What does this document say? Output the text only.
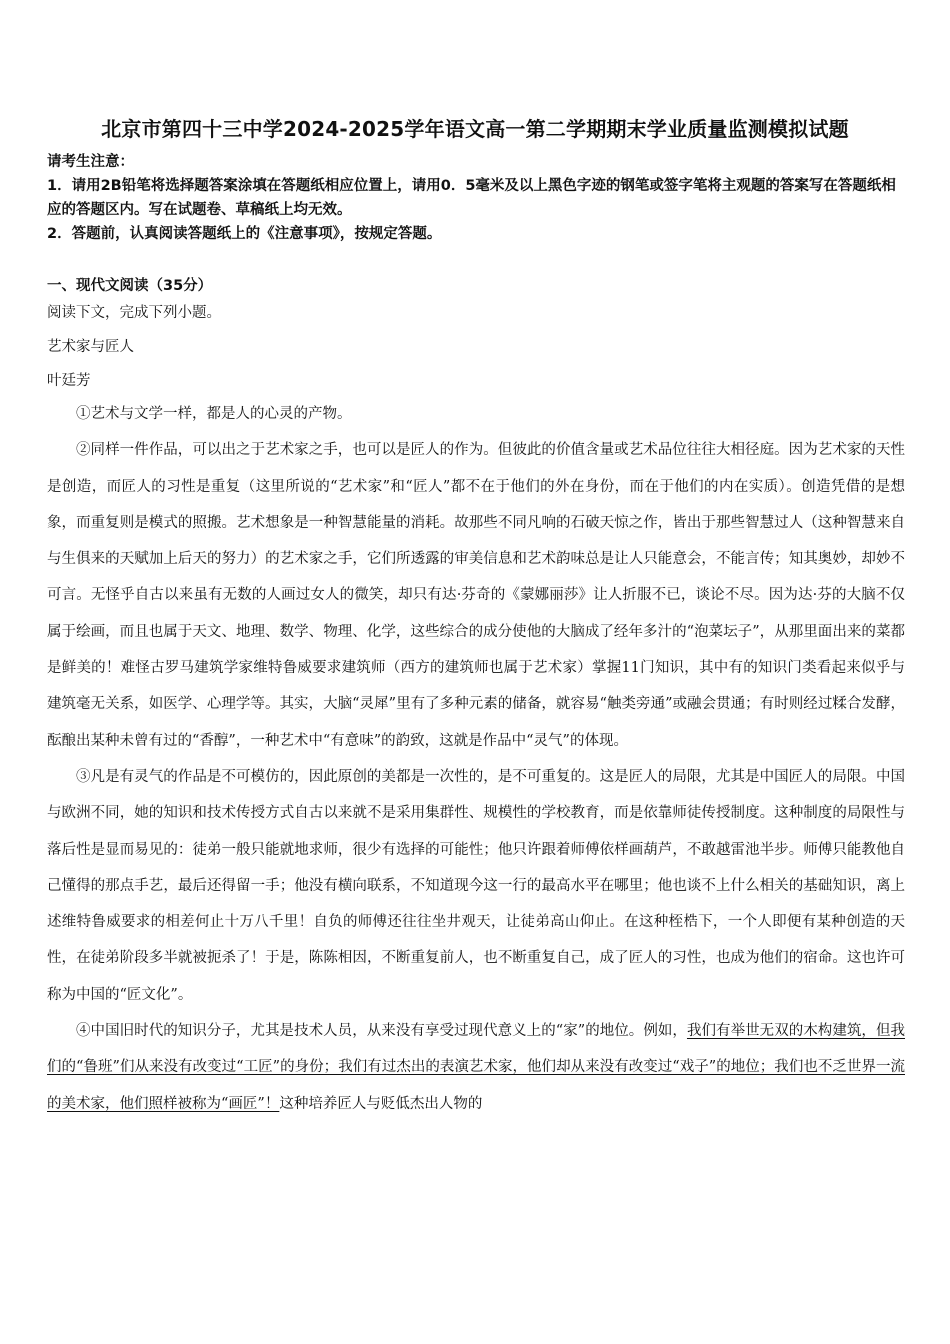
北京市第四十三中学2024-2025学年语文高一第二学期期末学业质量监测模拟试题
请考生注意：
1．请用2B铅笔将选择题答案涂填在答题纸相应位置上，请用0．5毫米及以上黑色字迹的钢笔或签字笔将主观题的答案写在答题纸相应的答题区内。写在试题卷、草稿纸上均无效。
2．答题前，认真阅读答题纸上的《注意事项》，按规定答题。
一、现代文阅读（35分）
阅读下文，完成下列小题。
艺术家与匠人
叶廷芳

①艺术与文学一样，都是人的心灵的产物。

②同样一件作品，可以出之于艺术家之手，也可以是匠人的作为。但彼此的价值含量或艺术品位往往大相径庭。因为艺术家的天性是创造，而匠人的习性是重复（这里所说的“艺术家”和“匠人”都不在于他们的外在身份，而在于他们的内在实质）。创造凭借的是想象，而重复则是模式的照搬。艺术想象是一种智慧能量的消耗。故那些不同凡响的石破天惊之作，皆出于那些智慧过人（这种智慧来自与生俱来的天赋加上后天的努力）的艺术家之手，它们所透露的审美信息和艺术韵味总是让人只能意会，不能言传；知其奥妙，却妙不可言。无怪乎自古以来虽有无数的人画过女人的微笑，却只有达·芬奇的《蒙娜丽莎》让人折服不已，谈论不尽。因为达·芬的大脑不仅属于绘画，而且也属于天文、地理、数学、物理、化学，这些综合的成分使他的大脑成了经年多汁的“泡菜坛子”，从那里面出来的菜都是鲜美的！难怪古罗马建筑学家维特鲁威要求建筑师（西方的建筑师也属于艺术家）掌握11门知识，其中有的知识门类看起来似乎与建筑毫无关系，如医学、心理学等。其实，大脑“灵犀”里有了多种元素的储备，就容易“触类旁通”或融会贯通；有时则经过糅合发酵，酝酿出某种未曾有过的“香醇”，一种艺术中“有意味”的韵致，这就是作品中“灵气”的体现。

③凡是有灵气的作品是不可模仿的，因此原创的美都是一次性的，是不可重复的。这是匠人的局限，尤其是中国匠人的局限。中国与欧洲不同，她的知识和技术传授方式自古以来就不是采用集群性、规模性的学校教育，而是依靠师徒传授制度。这种制度的局限性与落后性是显而易见的：徒弟一般只能就地求师，很少有选择的可能性；他只许跟着师傅依样画葫芦，不敢越雷池半步。师傅只能教他自己懂得的那点手艺，最后还得留一手；他没有横向联系，不知道现今这一行的最高水平在哪里；他也谈不上什么相关的基础知识，离上述维特鲁威要求的相差何止十万八千里！自负的师傅还往往坐井观天，让徒弟高山仰止。在这种桎梏下，一个人即便有某种创造的天性，在徒弟阶段多半就被扼杀了！于是，陈陈相因，不断重复前人，也不断重复自己，成了匠人的习性，也成为他们的宿命。这也许可称为中国的“匠文化”。

④中国旧时代的知识分子，尤其是技术人员，从来没有享受过现代意义上的“家”的地位。例如，我们有举世无双的木构建筑，但我们的“鲁班”们从来没有改变过“工匠”的身份；我们有过杰出的表演艺术家，他们却从来没有改变过“戏子”的地位；我们也不乏世界一流的美术家，他们照样被称为“画匠”！这种培养匠人与贬低杰出人物的
